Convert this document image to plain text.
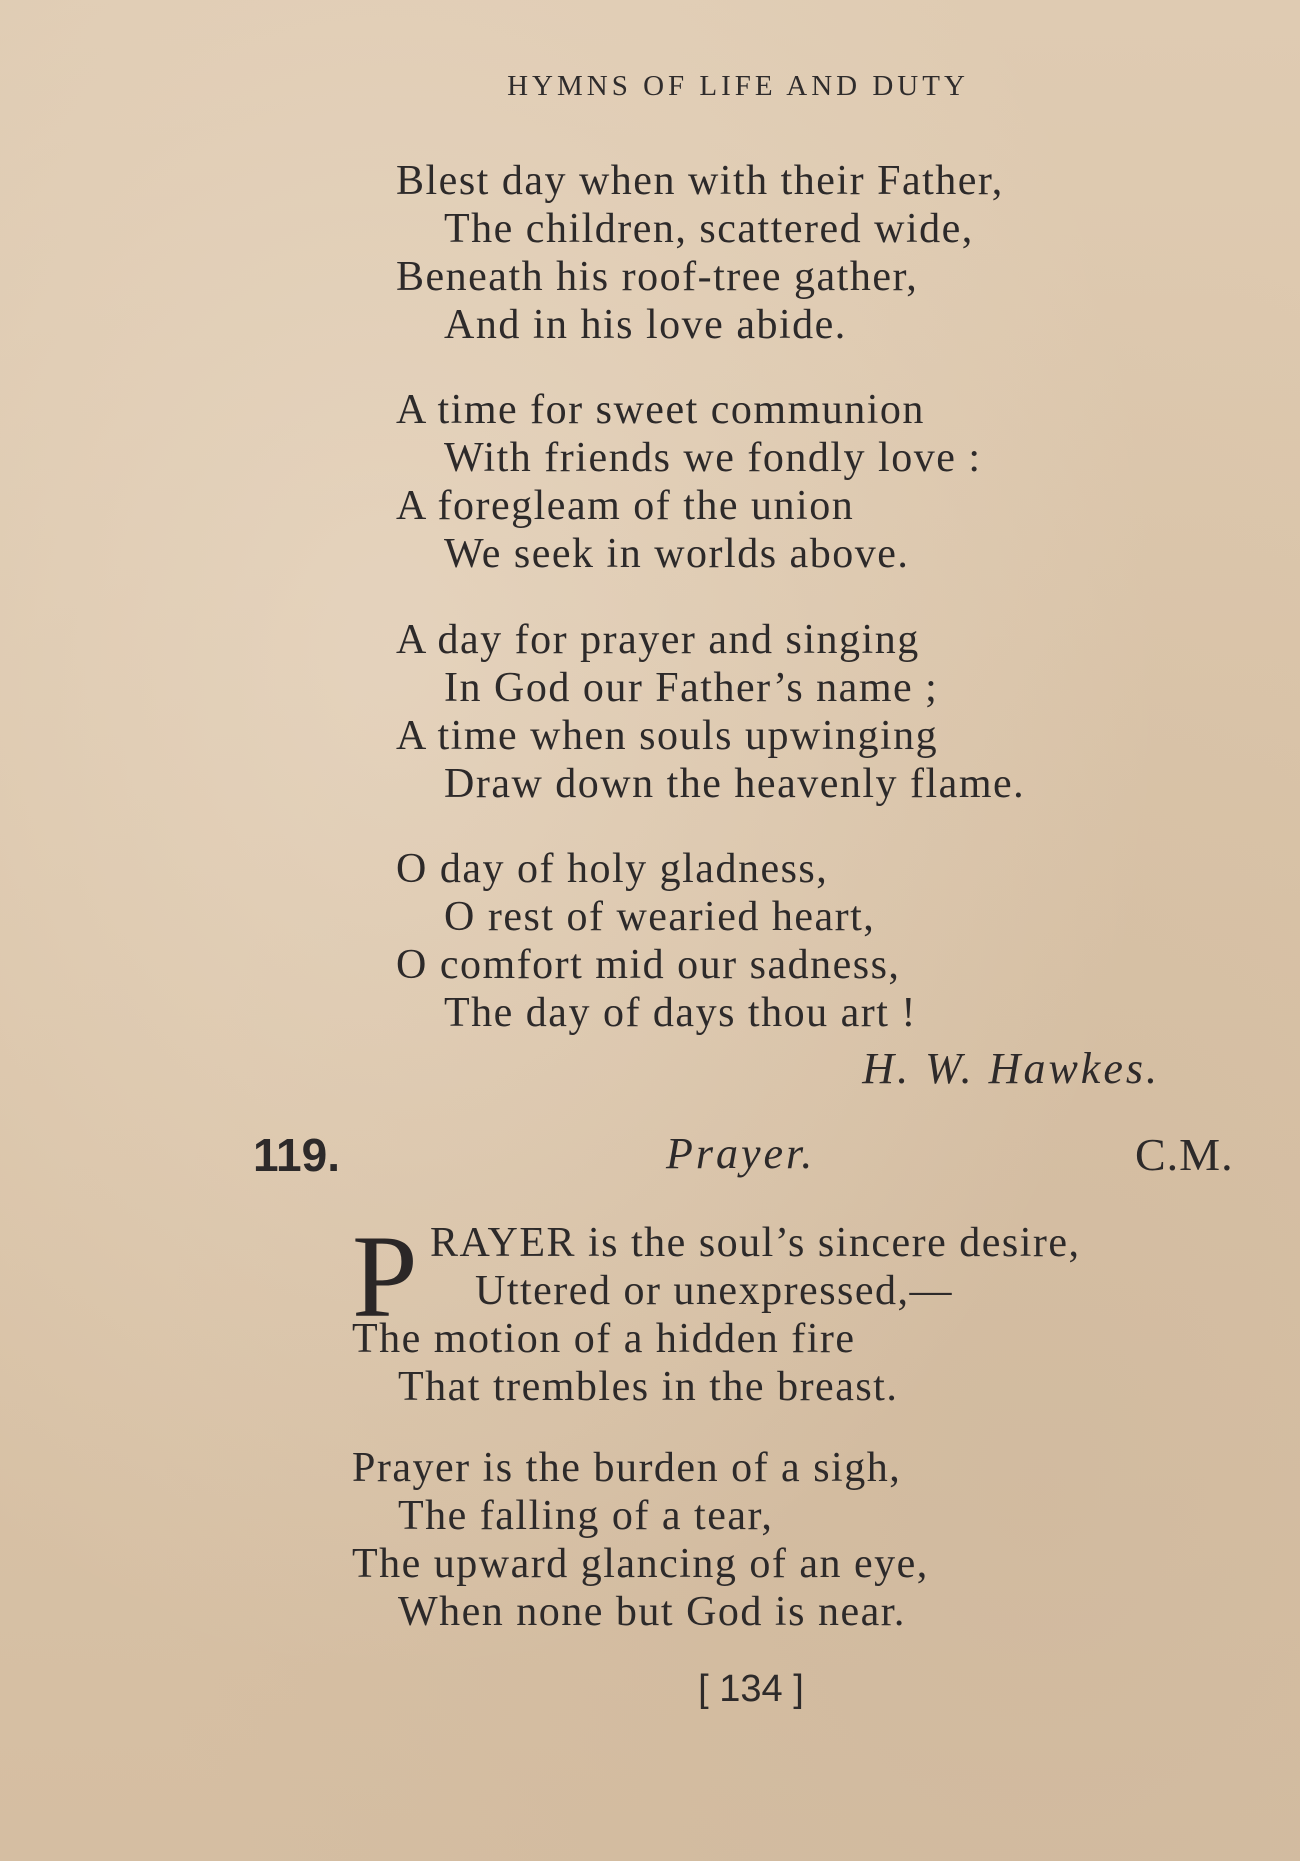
HYMNS OF LIFE AND DUTY
Blest day when with their Father,
The children, scattered wide,
Beneath his roof-tree gather,
And in his love abide.
A time for sweet communion
With friends we fondly love :
A foregleam of the union
We seek in worlds above.
A day for prayer and singing
In God our Father’s name ;
A time when souls upwinging
Draw down the heavenly flame.
O day of holy gladness,
O rest of wearied heart,
O comfort mid our sadness,
The day of days thou art !
H. W. Hawkes.
119.	Prayer.	C.M.
P RAYER is the soul’s sincere desire,
Uttered or unexpressed,—
The motion of a hidden fire
That trembles in the breast.
Prayer is the burden of a sigh,
The falling of a tear,
The upward glancing of an eye,
When none but God is near.
[ 134 ]
